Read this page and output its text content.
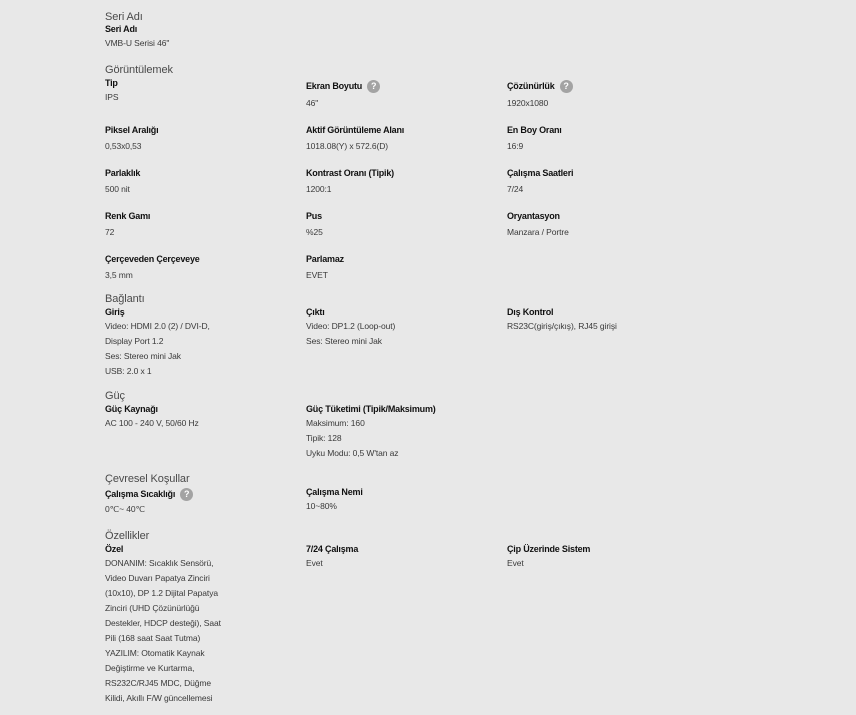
Seri Adı
Seri Adı
VMB-U Serisi 46"
Görüntülemek
Tip
IPS
Ekran Boyutu ?
46"
Çözünürlük ?
1920x1080
Piksel Aralığı
0,53x0,53
Aktif Görüntüleme Alanı
1018.08(Y) x 572.6(D)
En Boy Oranı
16:9
Parlaklık
500 nit
Kontrast Oranı (Tipik)
1200:1
Çalışma Saatleri
7/24
Renk Gamı
72
Pus
%25
Oryantasyon
Manzara / Portre
Çerçeveden Çerçeveye
3,5 mm
Parlamaz
EVET
Bağlantı
Giriş
Video: HDMI 2.0 (2) / DVI-D,
Display Port 1.2
Ses: Stereo mini Jak
USB: 2.0 x 1
Çıktı
Video: DP1.2 (Loop-out)
Ses: Stereo mini Jak
Dış Kontrol
RS23C(giriş/çıkış), RJ45 girişi
Güç
Güç Kaynağı
AC 100 - 240 V, 50/60 Hz
Güç Tüketimi (Tipik/Maksimum)
Maksimum: 160
Tipik: 128
Uyku Modu: 0,5 W'tan az
Çevresel Koşullar
Çalışma Sıcaklığı ?
0℃~ 40℃
Çalışma Nemi
10~80%
Özellikler
Özel
DONANIM: Sıcaklık Sensörü,
Video Duvarı Papatya Zinciri
(10x10), DP 1.2 Dijital Papatya
Zinciri (UHD Çözünürlüğü
Destekler, HDCP desteği), Saat
Pili (168 saat Saat Tutma)
YAZILIM: Otomatik Kaynak
Değiştirme ve Kurtarma,
RS232C/RJ45 MDC, Düğme
Kilidi, Akıllı F/W güncellemesi
7/24 Çalışma
Evet
Çip Üzerinde Sistem
Evet
